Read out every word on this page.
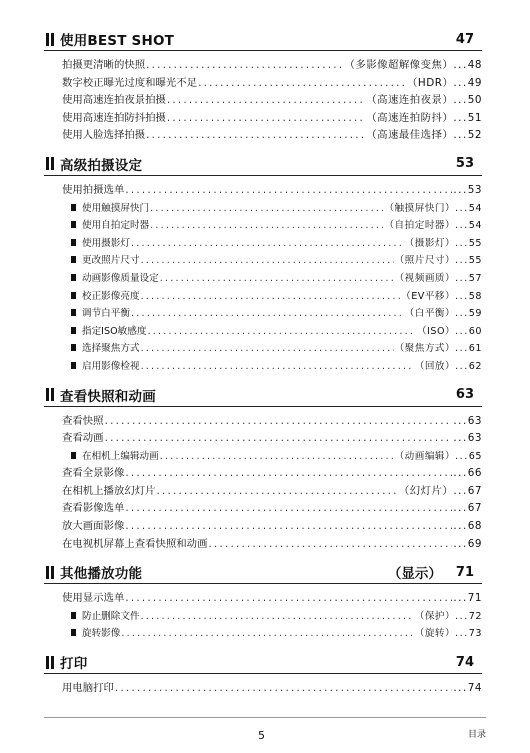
使用BEST SHOT	47
拍摄更清晰的快照 .....	（多影像超解像变焦）	... 48
数字校正曝光过度和曝光不足 .....	（HDR）	... 49
使用高速连拍夜景拍摄 .....	（高速连拍夜景）	... 50
使用高速连拍防抖拍摄 .....	（高速连拍防抖）	... 51
使用人脸选择拍摄 .....	（高速最佳选择）	... 52
高级拍摄设定	53
使用拍摄选单 .....	... 53
使用触摸屏快门 .....	（触摸屏快门）	... 54
使用自拍定时器 .....	（自拍定时器）	... 54
使用摄影灯 .....	（摄影灯）	... 55
更改照片尺寸 .....	（照片尺寸）	... 55
动画影像质量设定 .....	（视频画质）	... 57
校正影像亮度 .....	（EV平移）	... 58
调节白平衡 .....	（白平衡）	... 59
指定ISO敏感度 .....	（ISO）	... 60
选择聚焦方式 .....	（聚焦方式）	... 61
启用影像检视 .....	（回放）	... 62
查看快照和动画	63
查看快照 .....	... 63
查看动画 .....	... 63
在相机上编辑动画 .....	（动画编辑）	... 65
查看全景影像 .....	... 66
在相机上播放幻灯片 .....	（幻灯片）	... 67
查看影像选单 .....	... 67
放大画面影像 .....	... 68
在电视机屏幕上查看快照和动画 .....	... 69
其他播放功能	（显示） 71
使用显示选单 .....	... 71
防止删除文件 .....	（保护）	... 72
旋转影像 .....	（旋转）	... 73
打印	74
用电脑打印 .....	... 74
5	目录
